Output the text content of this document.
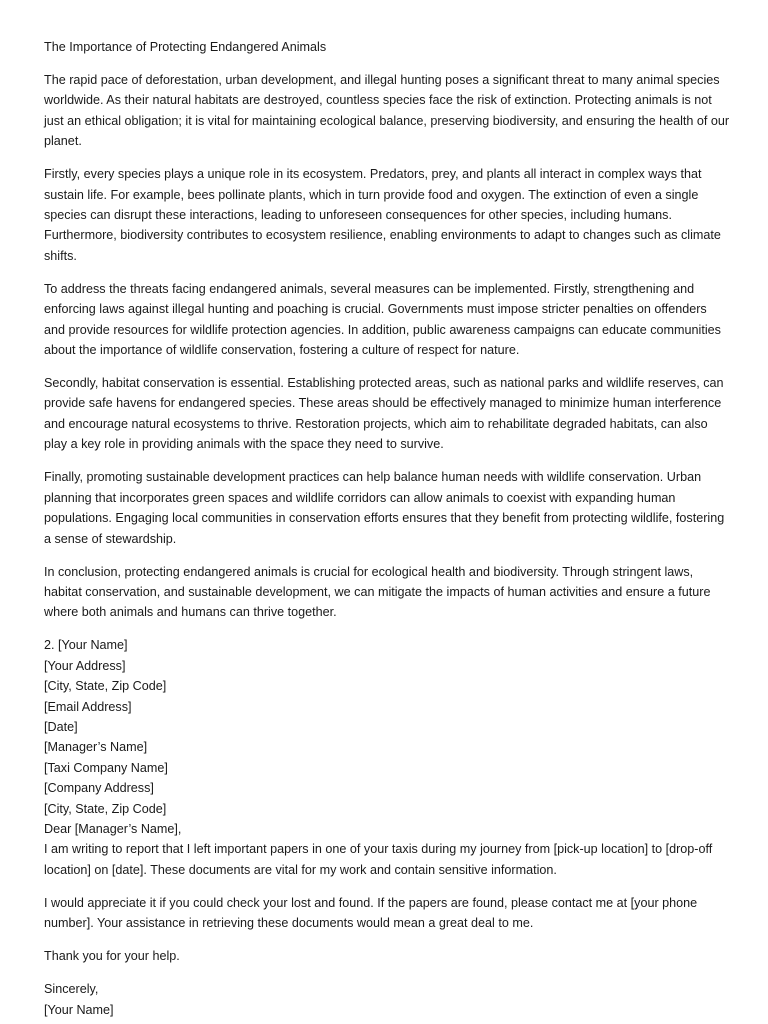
The Importance of Protecting Endangered Animals

The rapid pace of deforestation, urban development, and illegal hunting poses a significant threat to many animal species worldwide. As their natural habitats are destroyed, countless species face the risk of extinction. Protecting animals is not just an ethical obligation; it is vital for maintaining ecological balance, preserving biodiversity, and ensuring the health of our planet.

Firstly, every species plays a unique role in its ecosystem. Predators, prey, and plants all interact in complex ways that sustain life. For example, bees pollinate plants, which in turn provide food and oxygen. The extinction of even a single species can disrupt these interactions, leading to unforeseen consequences for other species, including humans. Furthermore, biodiversity contributes to ecosystem resilience, enabling environments to adapt to changes such as climate shifts.

To address the threats facing endangered animals, several measures can be implemented. Firstly, strengthening and enforcing laws against illegal hunting and poaching is crucial. Governments must impose stricter penalties on offenders and provide resources for wildlife protection agencies. In addition, public awareness campaigns can educate communities about the importance of wildlife conservation, fostering a culture of respect for nature.

Secondly, habitat conservation is essential. Establishing protected areas, such as national parks and wildlife reserves, can provide safe havens for endangered species. These areas should be effectively managed to minimize human interference and encourage natural ecosystems to thrive. Restoration projects, which aim to rehabilitate degraded habitats, can also play a key role in providing animals with the space they need to survive.

Finally, promoting sustainable development practices can help balance human needs with wildlife conservation. Urban planning that incorporates green spaces and wildlife corridors can allow animals to coexist with expanding human populations. Engaging local communities in conservation efforts ensures that they benefit from protecting wildlife, fostering a sense of stewardship.

In conclusion, protecting endangered animals is crucial for ecological health and biodiversity. Through stringent laws, habitat conservation, and sustainable development, we can mitigate the impacts of human activities and ensure a future where both animals and humans can thrive together.

2. [Your Name]
[Your Address]
[City, State, Zip Code]
[Email Address]
[Date]
[Manager’s Name]
[Taxi Company Name]
[Company Address]
[City, State, Zip Code]
Dear [Manager’s Name],

I am writing to report that I left important papers in one of your taxis during my journey from [pick-up location] to [drop-off location] on [date]. These documents are vital for my work and contain sensitive information.

I would appreciate it if you could check your lost and found. If the papers are found, please contact me at [your phone number]. Your assistance in retrieving these documents would mean a great deal to me.

Thank you for your help.

Sincerely,
[Your Name]
